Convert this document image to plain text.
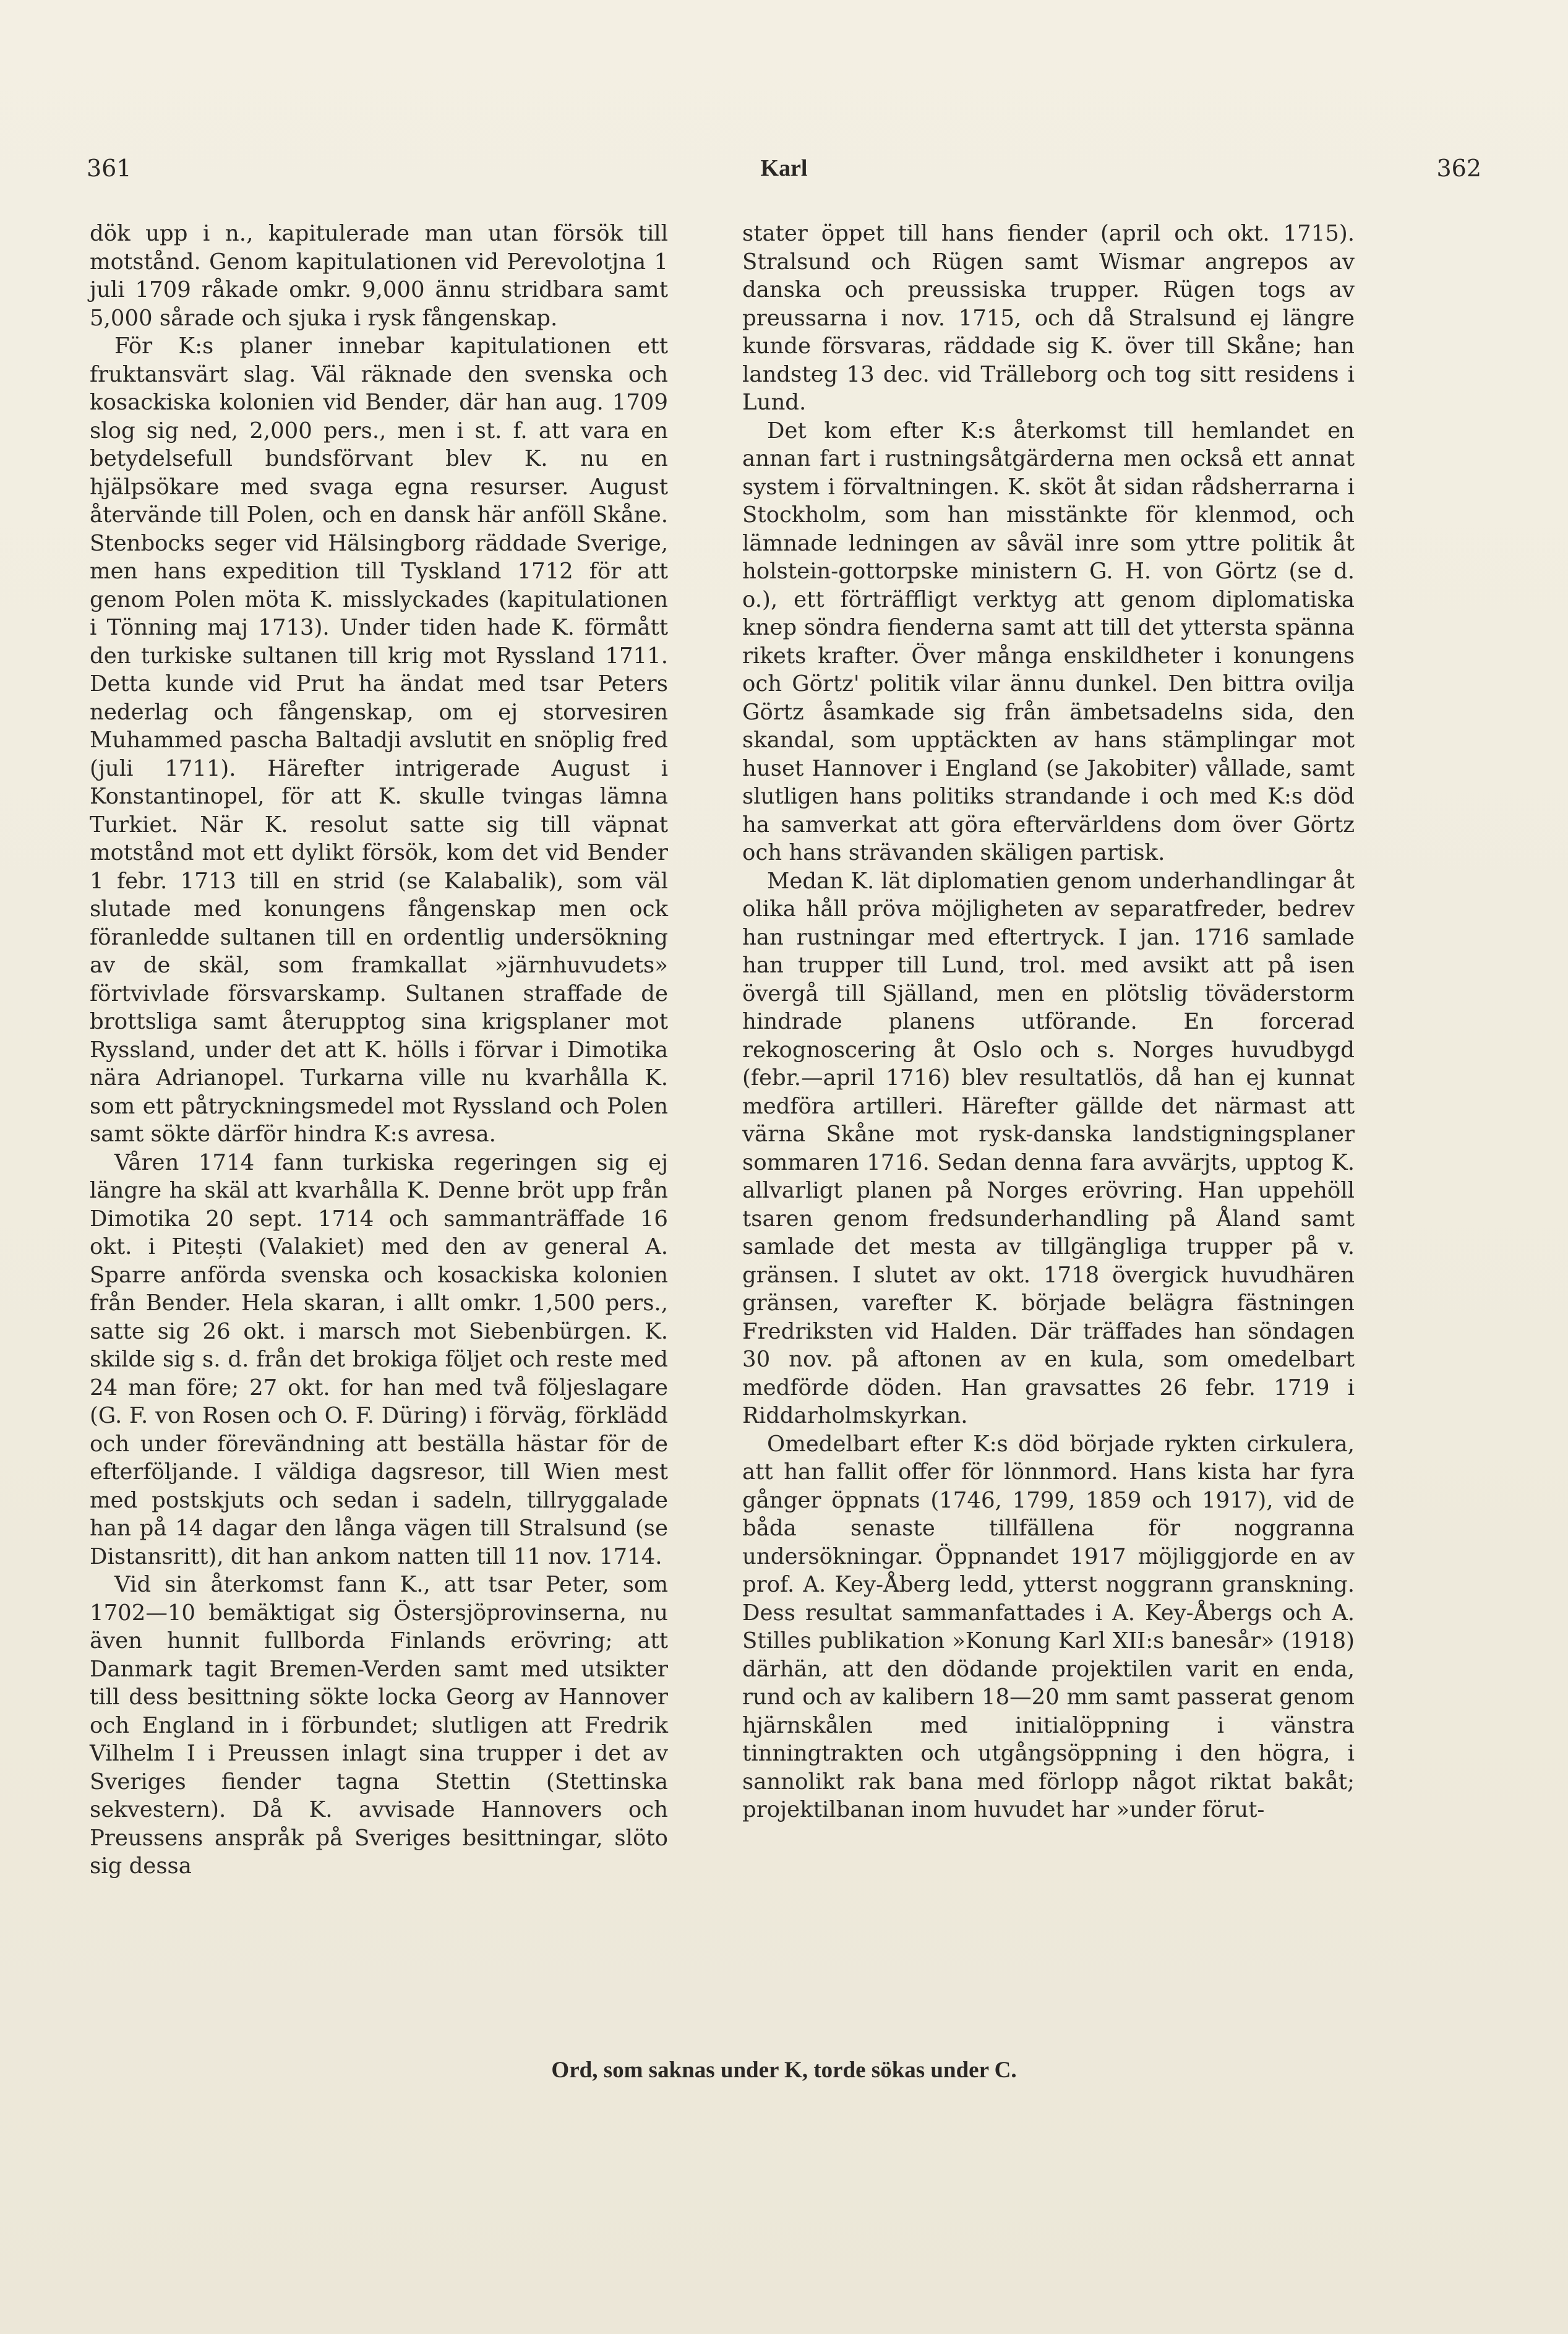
361	Karl	362

dök upp i n., kapitulerade man utan försök till motstånd. Genom kapitulationen vid Perevolotjna 1 juli 1709 råkade omkr. 9,000 ännu stridbara samt 5,000 sårade och sjuka i rysk fångenskap.

För K:s planer innebar kapitulationen ett fruktansvärt slag. Väl räknade den svenska och kosackiska kolonien vid Bender, där han aug. 1709 slog sig ned, 2,000 pers., men i st. f. att vara en betydelsefull bundsförvant blev K. nu en hjälpsökare med svaga egna resurser. August återvände till Polen, och en dansk här anföll Skåne. Stenbocks seger vid Hälsingborg räddade Sverige, men hans expedition till Tyskland 1712 för att genom Polen möta K. misslyckades (kapitulationen i Tönning maj 1713). Under tiden hade K. förmått den turkiske sultanen till krig mot Ryssland 1711. Detta kunde vid Prut ha ändat med tsar Peters nederlag och fångenskap, om ej storvesiren Muhammed pascha Baltadji avslutit en snöplig fred (juli 1711). Härefter intrigerade August i Konstantinopel, för att K. skulle tvingas lämna Turkiet. När K. resolut satte sig till väpnat motstånd mot ett dylikt försök, kom det vid Bender 1 febr. 1713 till en strid (se Kalabalik), som väl slutade med konungens fångenskap men ock föranledde sultanen till en ordentlig undersökning av de skäl, som framkallat »järnhuvudets» förtvivlade försvarskamp. Sultanen straffade de brottsliga samt återupptog sina krigsplaner mot Ryssland, under det att K. hölls i förvar i Dimotika nära Adrianopel. Turkarna ville nu kvarhålla K. som ett påtryckningsmedel mot Ryssland och Polen samt sökte därför hindra K:s avresa.

Våren 1714 fann turkiska regeringen sig ej längre ha skäl att kvarhålla K. Denne bröt upp från Dimotika 20 sept. 1714 och sammanträffade 16 okt. i Pitești (Valakiet) med den av general A. Sparre anförda svenska och kosackiska kolonien från Bender. Hela skaran, i allt omkr. 1,500 pers., satte sig 26 okt. i marsch mot Siebenbürgen. K. skilde sig s. d. från det brokiga följet och reste med 24 man före; 27 okt. for han med två följeslagare (G. F. von Rosen och O. F. Düring) i förväg, förklädd och under förevändning att beställa hästar för de efterföljande. I väldiga dagsresor, till Wien mest med postskjuts och sedan i sadeln, tillryggalade han på 14 dagar den långa vägen till Stralsund (se Distansritt), dit han ankom natten till 11 nov. 1714.

Vid sin återkomst fann K., att tsar Peter, som 1702—10 bemäktigat sig Östersjöprovinserna, nu även hunnit fullborda Finlands erövring; att Danmark tagit Bremen-Verden samt med utsikter till dess besittning sökte locka Georg av Hannover och England in i förbundet; slutligen att Fredrik Vilhelm I i Preussen inlagt sina trupper i det av Sveriges fiender tagna Stettin (Stettinska sekvestern). Då K. avvisade Hannovers och Preussens anspråk på Sveriges besittningar, slöto sig dessa

stater öppet till hans fiender (april och okt. 1715). Stralsund och Rügen samt Wismar angrepos av danska och preussiska trupper. Rügen togs av preussarna i nov. 1715, och då Stralsund ej längre kunde försvaras, räddade sig K. över till Skåne; han landsteg 13 dec. vid Trälleborg och tog sitt residens i Lund.

Det kom efter K:s återkomst till hemlandet en annan fart i rustningsåtgärderna men också ett annat system i förvaltningen. K. sköt åt sidan rådsherrarna i Stockholm, som han misstänkte för klenmod, och lämnade ledningen av såväl inre som yttre politik åt holstein-gottorpske ministern G. H. von Görtz (se d. o.), ett förträffligt verktyg att genom diplomatiska knep söndra fienderna samt att till det yttersta spänna rikets krafter. Över många enskildheter i konungens och Görtz' politik vilar ännu dunkel. Den bittra ovilja Görtz åsamkade sig från ämbetsadelns sida, den skandal, som upptäckten av hans stämplingar mot huset Hannover i England (se Jakobiter) vållade, samt slutligen hans politiks strandande i och med K:s död ha samverkat att göra eftervärldens dom över Görtz och hans strävanden skäligen partisk.

Medan K. lät diplomatien genom underhandlingar åt olika håll pröva möjligheten av separatfreder, bedrev han rustningar med eftertryck. I jan. 1716 samlade han trupper till Lund, trol. med avsikt att på isen övergå till Själland, men en plötslig töväderstorm hindrade planens utförande. En forcerad rekognoscering åt Oslo och s. Norges huvudbygd (febr.—april 1716) blev resultatlös, då han ej kunnat medföra artilleri. Härefter gällde det närmast att värna Skåne mot rysk-danska landstigningsplaner sommaren 1716. Sedan denna fara avvärjts, upptog K. allvarligt planen på Norges erövring. Han uppehöll tsaren genom fredsunderhandling på Åland samt samlade det mesta av tillgängliga trupper på v. gränsen. I slutet av okt. 1718 övergick huvudhären gränsen, varefter K. började belägra fästningen Fredriksten vid Halden. Där träffades han söndagen 30 nov. på aftonen av en kula, som omedelbart medförde döden. Han gravsattes 26 febr. 1719 i Riddarholmskyrkan.

Omedelbart efter K:s död började rykten cirkulera, att han fallit offer för lönnmord. Hans kista har fyra gånger öppnats (1746, 1799, 1859 och 1917), vid de båda senaste tillfällena för noggranna undersökningar. Öppnandet 1917 möjliggjorde en av prof. A. Key-Åberg ledd, ytterst noggrann granskning. Dess resultat sammanfattades i A. Key-Åbergs och A. Stilles publikation »Konung Karl XII:s banesår» (1918) därhän, att den dödande projektilen varit en enda, rund och av kalibern 18—20 mm samt passerat genom hjärnskålen med initialöppning i vänstra tinningtrakten och utgångsöppning i den högra, i sannolikt rak bana med förlopp något riktat bakåt; projektilbanan inom huvudet har »under förut-

Ord, som saknas under K, torde sökas under C.
